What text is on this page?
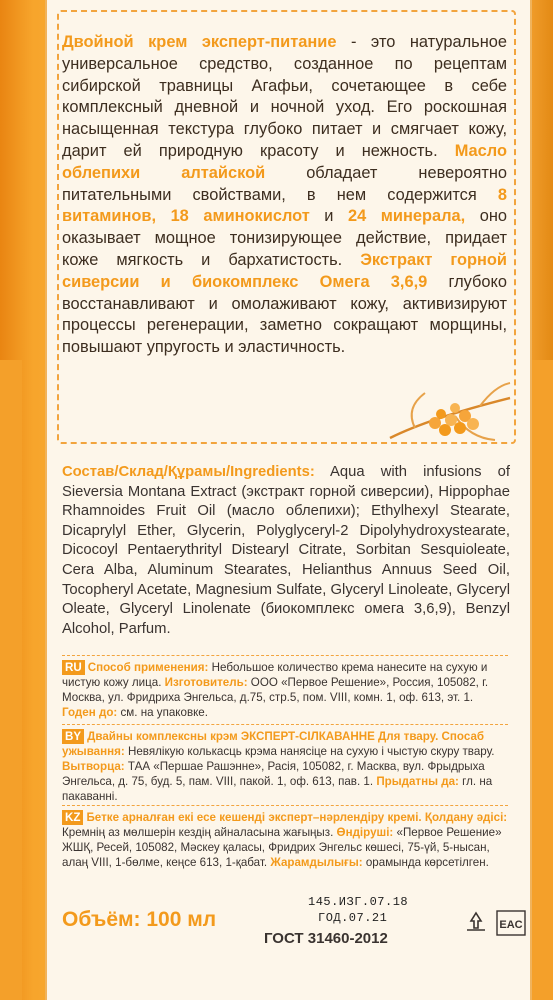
Двойной крем эксперт-питание - это натуральное универсальное средство, созданное по рецептам сибирской травницы Агафьи, сочетающее в себе комплексный дневной и ночной уход. Его роскошная насыщенная текстура глубоко питает и смягчает кожу, дарит ей природную красоту и нежность. Масло облепихи алтайской обладает невероятно питательными свойствами, в нем содержится 8 витаминов, 18 аминокислот и 24 минерала, оно оказывает мощное тонизирующее действие, придает коже мягкость и бархатистость. Экстракт горной сиверсии и биокомплекс Омега 3,6,9 глубоко восстанавливают и омолаживают кожу, активизируют процессы регенерации, заметно сокращают морщины, повышают упругость и эластичность.
Состав/Склад/Құрамы/Ingredients: Aqua with infusions of Sieversia Montana Extract (экстракт горной сиверсии), Hippophae Rhamnoides Fruit Oil (масло облепихи); Ethylhexyl Stearate, Dicaprylyl Ether, Glycerin, Polyglyceryl-2 Dipolyhydroxystearate, Dicocoyl Pentaerythrityl Distearyl Citrate, Sorbitan Sesquioleate, Cera Alba, Aluminum Stearates, Helianthus Annuus Seed Oil, Tocopheryl Acetate, Magnesium Sulfate, Glyceryl Linoleate, Glyceryl Oleate, Glyceryl Linolenate (биокомплекс омега 3,6,9), Benzyl Alcohol, Parfum.
RU Способ применения: Небольшое количество крема нанесите на сухую и чистую кожу лица. Изготовитель: ООО «Первое Решение», Россия, 105082, г. Москва, ул. Фридриха Энгельса, д.75, стр.5, пом. VIII, комн. 1, оф. 613, эт. 1. Годен до: см. на упаковке.
BY Двайны комплексны крэм ЭКСПЕРТ-СІЛКАВАННЕ Для твару. Спосаб ужывання: Невялікую колькасць крэма нанясіце на сухую і чыстую скуру твару. Вытворца: ТАА «Першае Рашэнне», Расія, 105082, г. Масква, вул. Фрыдрыха Энгельса, д. 75, буд. 5, пам. VIII, пакой. 1, оф. 613, пав. 1. Прыдатны да: гл. на пакаванні.
KZ Бетке арналған екі есе кешенді эксперт–нәрлендіру кремі. Қолдану әдісі: Кремнің аз мөлшерін кездің айналасына жағыңыз. Өндіруші: «Первое Решение» ЖШҚ, Ресей, 105082, Мәскеу қаласы, Фридрих Энгельс көшесі, 75-үй, 5-нысан, алаң VIII, 1-бөлме, кеңсе 613, 1-қабат. Жарамдылығы: орамында көрсетілген.
Объём: 100 мл
145.ИЗГ.07.18
ГОД.07.21
ГОСТ 31460-2012
EAC
